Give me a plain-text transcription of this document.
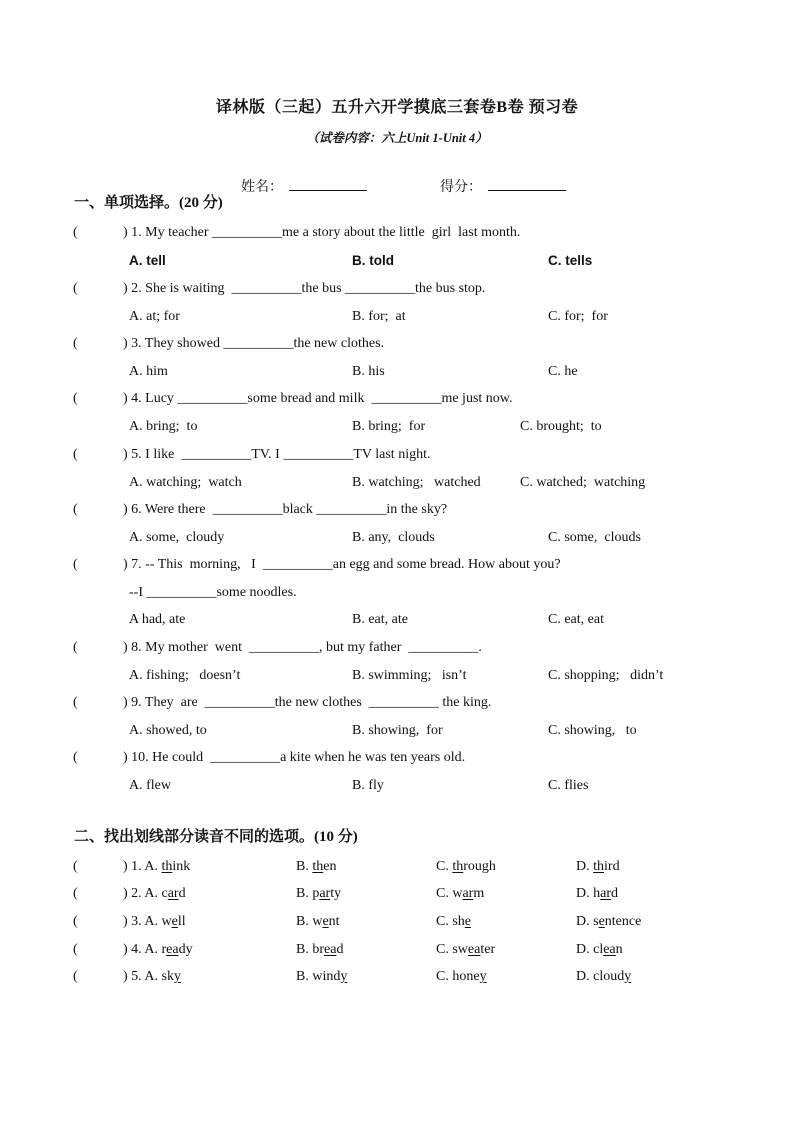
译林版（三起）五升六开学摸底三套卷B卷 预习卷
（试卷内容：六上Unit 1-Unit 4）

姓名：	得分：

一、单项选择。(20 分)
(	) 1. My teacher __________me a story about the little  girl  last month.
A. tell	B. told	C. tells
(	) 2. She is waiting  __________the bus __________the bus stop.
A. at; for	B. for;  at	C. for;  for
(	) 3. They showed __________the new clothes.
A. him	B. his	C. he
(	) 4. Lucy __________some bread and milk  __________me just now.
A. bring;  to	B. bring;  for	C. brought;  to
(	) 5. I like  __________TV. I __________TV last night.
A. watching;  watch	B. watching;   watched	C. watched;  watching
(	) 6. Were there  __________black __________in the sky?
A. some,  cloudy	B. any,  clouds	C. some,  clouds
(	) 7. -- This  morning,   I  __________an egg and some bread. How about you?
--I __________some noodles.
A had, ate	B. eat, ate	C. eat, eat
(	) 8. My mother  went  __________, but my father  __________.
A. fishing;   doesn’t	B. swimming;   isn’t	C. shopping;   didn’t
(	) 9. They  are  __________the new clothes  __________ the king.
A. showed, to	B. showing,  for	C. showing,   to
(	) 10. He could  __________a kite when he was ten years old.
A. flew	B. fly	C. flies
二、找出划线部分读音不同的选项。(10 分)
(	) 1. A. think	B. then	C. through	D. third
(	) 2. A. card	B. party	C. warm	D. hard
(	) 3. A. well	B. went	C. she	D. sentence
(	) 4. A. ready	B. bread	C. sweater	D. clean
(	) 5. A. sky	B. windy	C. honey	D. cloudy
